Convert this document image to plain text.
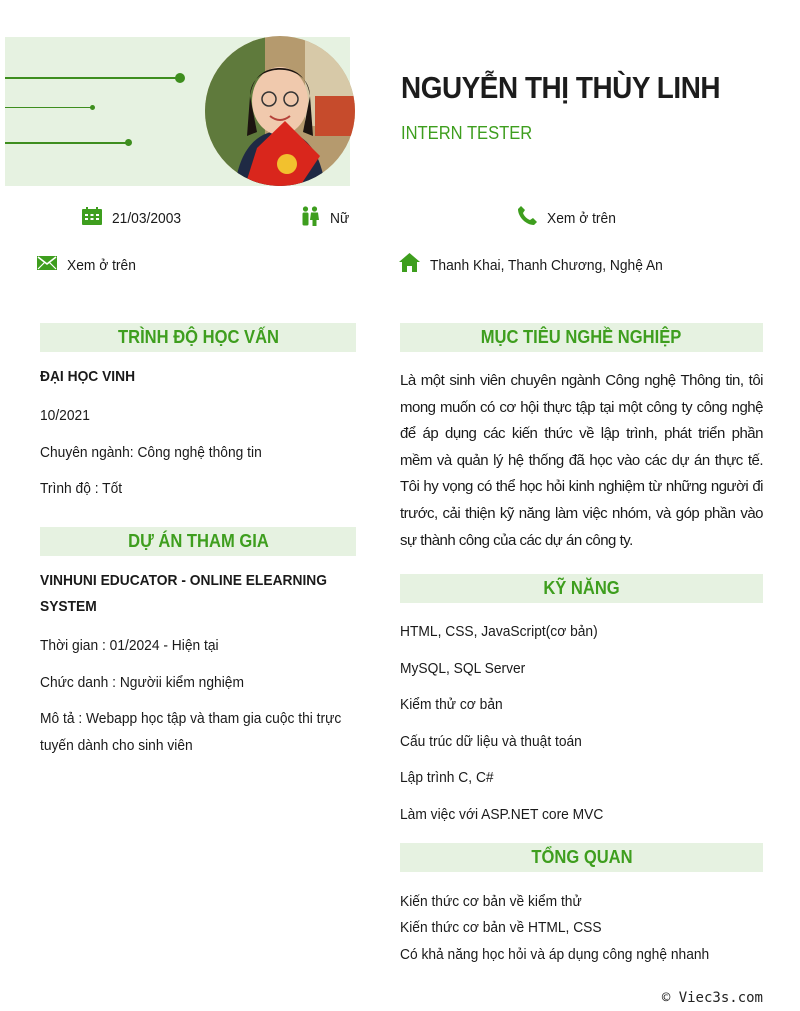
NGUYỄN THỊ THÙY LINH
INTERN TESTER
21/03/2003	Nữ	Xem ở trên
Xem ở trên	Thanh Khai, Thanh Chương, Nghệ An
TRÌNH ĐỘ HỌC VẤN
ĐẠI HỌC VINH
10/2021
Chuyên ngành: Công nghệ thông tin
Trình độ : Tốt
DỰ ÁN THAM GIA
VINHUNI EDUCATOR - ONLINE ELEARNING
SYSTEM
Thời gian : 01/2024 - Hiện tại
Chức danh : Ngườii kiểm nghiệm
Mô tả : Webapp học tập và tham gia cuộc thi trực
tuyến dành cho sinh viên
MỤC TIÊU NGHỀ NGHIỆP
Là một sinh viên chuyên ngành Công nghệ Thông tin, tôi mong muốn có cơ hội thực tập tại một công ty công nghệ để áp dụng các kiến thức về lập trình, phát triển phần mềm và quản lý hệ thống đã học vào các dự án thực tế. Tôi hy vọng có thể học hỏi kinh nghiệm từ những người đi trước, cải thiện kỹ năng làm việc nhóm, và góp phần vào sự thành công của các dự án công ty.
KỸ NĂNG
HTML, CSS, JavaScript(cơ bản)
MySQL, SQL Server
Kiểm thử cơ bản
Cấu trúc dữ liệu và thuật toán
Lập trình C, C#
Làm việc với ASP.NET core MVC
TỔNG QUAN
Kiến thức cơ bản về kiểm thử
Kiến thức cơ bản về HTML, CSS
Có khả năng học hỏi và áp dụng công nghệ nhanh
© Viec3s.com
